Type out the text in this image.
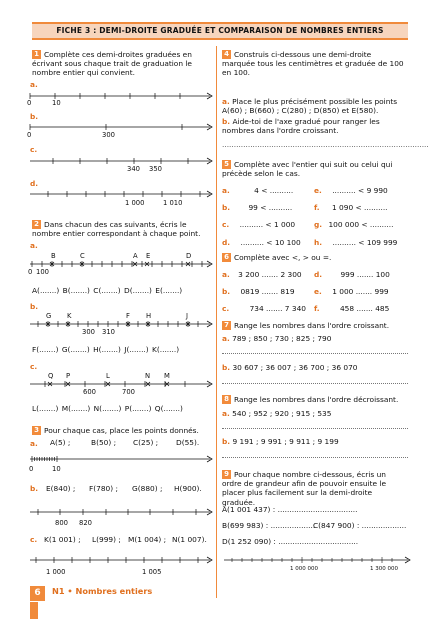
FICHE 3 : DEMI-DROITE GRADUÉE ET COMPARAISON DE NOMBRES ENTIERS
1 Complète ces demi-droites graduées en écrivant sous chaque trait de graduation le nombre entier qui convient.
a.
0	10
b.
0	300
c.
340 350
d.
1 000	1 010
2 Dans chacun des cas suivants, écris le nombre entier correspondant à chaque point.
a.
B	C	A E	D
0 100
A(.......) B(.......) C(.......) D(.......) E(.......)
b.
G K	F H	J
300 310
F(.......) G(.......) H(.......) J(.......) K(.......)
c.
Q P	L	N M
600	700
L(.......) M(.......) N(.......) P(.......) Q(.......)
3 Pour chaque cas, place les points donnés.
a. A(5) ;	B(50) ; C(25) ; D(55).
0	10
b. E(840) ; F(780) ; G(880) ; H(900).
800 820
c. K(1 001) ; L(999) ; M(1 004) ; N(1 007).
1 000	1 005
4 Construis ci-dessous une demi-droite marquée tous les centimètres et graduée de 100 en 100.
a. Place le plus précisément possible les points A(60) ; B(660) ; C(280) ; D(850) et E(580).
b. Aide-toi de l'axe gradué pour ranger les nombres dans l'ordre croissant.
........................................................................................
5 Complète avec l'entier qui suit ou celui qui précède selon le cas.
a.	4 < ..........	e. .......... < 9 990
b. 99 < ..........	f. 1 090 < ..........
c. .......... < 1 000	g. 100 000 < ..........
d. .......... < 10 100	h. .......... < 109 999
6 Complète avec <, > ou =.
a. 3 200 ....... 2 300	d. 999 ....... 100
b. 0819 ....... 819	e. 1 000 ....... 999
c.	734 ....... 7 340	f.	458 ....... 485
7 Range les nombres dans l'ordre croissant.
a. 789 ; 850 ; 730 ; 825 ; 790
b. 30 607 ; 36 007 ; 36 700 ; 36 070
8 Range les nombres dans l'ordre décroissant.
a. 540 ; 952 ; 920 ; 915 ; 535
b. 9 191 ; 9 991 ; 9 911 ; 9 199
9 Pour chaque nombre ci-dessous, écris un ordre de grandeur afin de pouvoir ensuite le placer plus facilement sur la demi-droite graduée.
A(1 001 437) : ..................................
B(699 983) : ...................
C(847 900) : ...................
D(1 252 090) : ..................................
1 000 000	1 300 000
6	N1 • Nombres entiers
